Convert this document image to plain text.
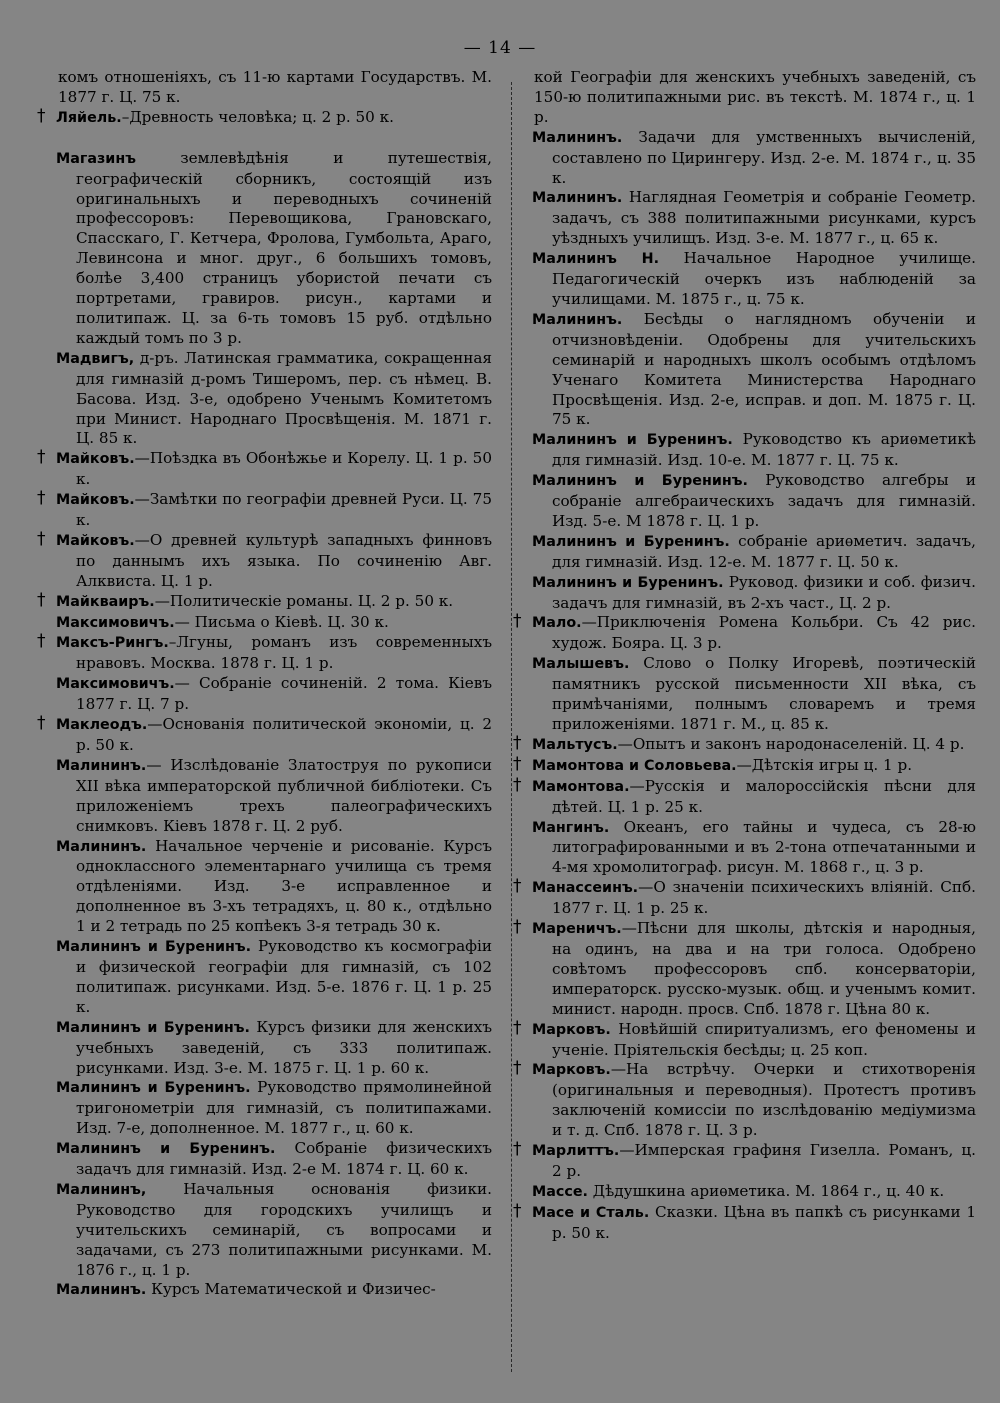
— 14 —
комъ отношеніяхъ, съ 11-ю картами Государствъ. М. 1877 г. Ц. 75 к.
† Ляйель.–Древность человѣка; ц. 2 р. 50 к.
Магазинъ землевѣдѣнія и путешествія, географическій сборникъ, состоящій изъ оригинальныхъ и переводныхъ сочиненій профессоровъ: Перевощикова, Грановскаго, Спасскаго, Г. Кетчера, Фролова, Гумбольта, Араго, Левинсона и мног. друг., 6 большихъ томовъ, болѣе 3,400 страницъ убористой печати съ портретами, гравиров. рисун., картами и политипаж. Ц. за 6-ть томовъ 15 руб. отдѣльно каждый томъ по 3 р.
Мадвигъ, д-ръ. Латинская грамматика, сокращенная для гимназій д-ромъ Тишеромъ, пер. съ нѣмец. В. Басова. Изд. 3-е, одобрено Ученымъ Комитетомъ при Минист. Народнаго Просвѣщенія. М. 1871 г. Ц. 85 к.
† Майковъ.—Поѣздка въ Обонѣжье и Корелу. Ц. 1 р. 50 к.
† Майковъ.—Замѣтки по географіи древней Руси. Ц. 75 к.
† Майковъ.—О древней культурѣ западныхъ финновъ по даннымъ ихъ языка. По сочиненію Авг. Алквиста. Ц. 1 р.
† Майкваиръ.—Политическіе романы. Ц. 2 р. 50 к.
Максимовичъ.— Письма о Кіевѣ. Ц. 30 к.
† Максъ-Рингъ.–Лгуны, романъ изъ современныхъ нравовъ. Москва. 1878 г. Ц. 1 р.
Максимовичъ.— Собраніе сочиненій. 2 тома. Кіевъ 1877 г. Ц. 7 р.
† Маклеодъ.—Основанія политической экономіи, ц. 2 р. 50 к.
Малининъ.— Изслѣдованіе Златоструя по рукописи XII вѣка императорской публичной библіотеки. Съ приложеніемъ трехъ палеографическихъ снимковъ. Кіевъ 1878 г. Ц. 2 руб.
Малининъ. Начальное черченіе и рисованіе. Курсъ одноклассного элементарнаго училища съ тремя отдѣленіями. Изд. 3-е исправленное и дополненное въ 3-хъ тетрадяхъ, ц. 80 к., отдѣльно 1 и 2 тетрадь по 25 копѣекъ 3-я тетрадь 30 к.
Малининъ и Буренинъ. Руководство къ космографіи и физической географіи для гимназій, съ 102 политипаж. рисунками. Изд. 5-е. 1876 г. Ц. 1 р. 25 к.
Малининъ и Буренинъ. Курсъ физики для женскихъ учебныхъ заведеній, съ 333 политипаж. рисунками. Изд. 3-е. М. 1875 г. Ц. 1 р. 60 к.
Малининъ и Буренинъ. Руководство прямолинейной тригонометріи для гимназій, съ политипажами. Изд. 7-е, дополненное. М. 1877 г., ц. 60 к.
Малининъ и Буренинъ. Собраніе физическихъ задачъ для гимназій. Изд. 2-е М. 1874 г. Ц. 60 к.
Малининъ, Начальныя основанія физики. Руководство для городскихъ училищъ и учительскихъ семинарій, съ вопросами и задачами, съ 273 политипажными рисунками. М. 1876 г., ц. 1 р.
Малининъ. Курсъ Математической и Физичес-
кой Географіи для женскихъ учебныхъ заведеній, съ 150-ю политипажными рис. въ текстѣ. М. 1874 г., ц. 1 р.
Малининъ. Задачи для умственныхъ вычисленій, составлено по Цирингеру. Изд. 2-е. М. 1874 г., ц. 35 к.
Малининъ. Наглядная Геометрія и собраніе Геометр. задачъ, съ 388 политипажными рисунками, курсъ уѣздныхъ училищъ. Изд. 3-е. М. 1877 г., ц. 65 к.
Малининъ Н. Начальное Народное училище. Педагогическій очеркъ изъ наблюденій за училищами. М. 1875 г., ц. 75 к.
Малининъ. Бесѣды о наглядномъ обученіи и отчизновѣденіи. Одобрены для учительскихъ семинарій и народныхъ школъ особымъ отдѣломъ Ученаго Комитета Министерства Народнаго Просвѣщенія. Изд. 2-е, исправ. и доп. М. 1875 г. Ц. 75 к.
Малининъ и Буренинъ. Руководство къ ариѳметикѣ для гимназій. Изд. 10-е. М. 1877 г. Ц. 75 к.
Малининъ и Буренинъ. Руководство алгебры и собраніе алгебраическихъ задачъ для гимназій. Изд. 5-е. М 1878 г. Ц. 1 р.
Малининъ и Буренинъ. собраніе ариѳметич. задачъ, для гимназій. Изд. 12-е. М. 1877 г. Ц. 50 к.
Малининъ и Буренинъ. Руковод. физики и соб. физич. задачъ для гимназій, въ 2-хъ част., Ц. 2 р.
† Мало.—Приключенія Ромена Кольбри. Съ 42 рис. худож. Бояра. Ц. 3 р.
Малышевъ. Слово о Полку Игоревѣ, поэтическій памятникъ русской письменности XII вѣка, съ примѣчаніями, полнымъ словаремъ и тремя приложеніями. 1871 г. М., ц. 85 к.
† Мальтусъ.—Опытъ и законъ народонаселеній. Ц. 4 р.
† Мамонтова и Соловьева.—Дѣтскія игры ц. 1 р.
† Мамонтова.—Русскія и малороссійскія пѣсни для дѣтей. Ц. 1 р. 25 к.
Мангинъ. Океанъ, его тайны и чудеса, съ 28-ю литографированными и въ 2-тона отпечатанными и 4-мя хромолитограф. рисун. М. 1868 г., ц. 3 р.
† Манассеинъ.—О значеніи психическихъ вліяній. Спб. 1877 г. Ц. 1 р. 25 к.
† Мареничъ.—Пѣсни для школы, дѣтскія и народныя, на одинъ, на два и на три голоса. Одобрено совѣтомъ профессоровъ спб. консерваторіи, императорск. русско-музык. общ. и ученымъ комит. минист. народн. просв. Спб. 1878 г. Цѣна 80 к.
† Марковъ. Новѣйшій спиритуализмъ, его феномены и ученіе. Пріятельскія бесѣды; ц. 25 коп.
† Марковъ.—На встрѣчу. Очерки и стихотворенія (оригинальныя и переводныя). Протестъ противъ заключеній комиссіи по изслѣдованію медіумизма и т. д. Спб. 1878 г. Ц. 3 р.
† Марлиттъ.—Имперская графиня Гизелла. Романъ, ц. 2 р.
Массе. Дѣдушкина ариѳметика. М. 1864 г., ц. 40 к.
† Масе и Сталь. Сказки. Цѣна въ папкѣ съ рисунками 1 р. 50 к.
